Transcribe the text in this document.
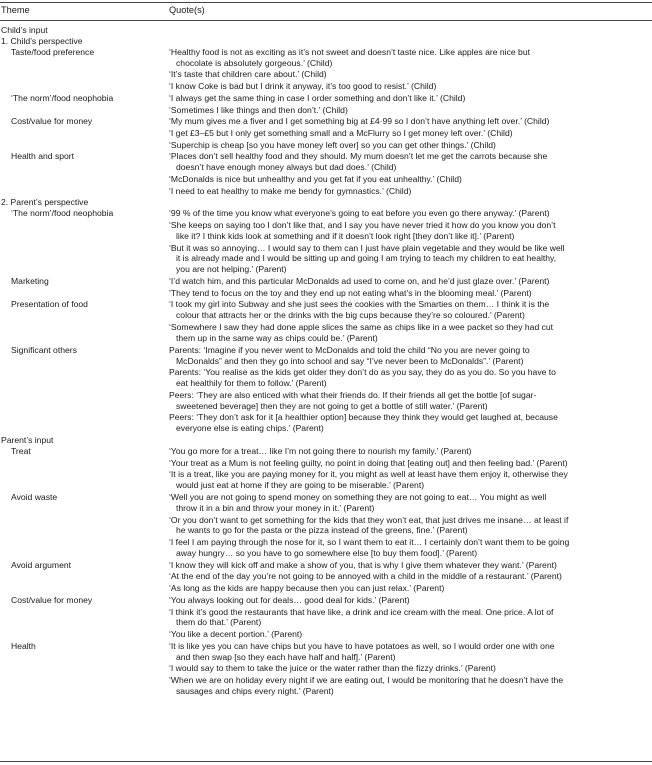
Theme	Quote(s)
Child’s input
1. Child’s perspective
Taste/food preference	‘Healthy food is not as exciting as it’s not sweet and doesn’t taste nice. Like apples are nice but
chocolate is absolutely gorgeous.’ (Child)
‘It’s taste that children care about.’ (Child)
‘I know Coke is bad but I drink it anyway, it’s too good to resist.’ (Child)
‘The norm’/food neophobia	‘I always get the same thing in case I order something and don’t like it.’ (Child)
‘Sometimes I like things and then don’t.’ (Child)
Cost/value for money	‘My mum gives me a fiver and I get something big at £4·99 so I don’t have anything left over.’ (Child)
‘I get £3–£5 but I only get something small and a McFlurry so I get money left over.’ (Child)
‘Superchip is cheap [so you have money left over] so you can get other things.’ (Child)
Health and sport	‘Places don’t sell healthy food and they should. My mum doesn’t let me get the carrots because she
doesn’t have enough money always but dad does.’ (Child)
‘McDonalds is nice but unhealthy and you get fat if you eat unhealthy.’ (Child)
‘I need to eat healthy to make me bendy for gymnastics.’ (Child)
2. Parent’s perspective
‘The norm’/food neophobia	‘99 % of the time you know what everyone’s going to eat before you even go there anyway.’ (Parent)
‘She keeps on saying too I don’t like that, and I say you have never tried it how do you know you don’t
like it? I think kids look at something and if it doesn’t look right [they don’t like it].’ (Parent)
‘But it was so annoying… I would say to them can I just have plain vegetable and they would be like well
it is already made and I would be sitting up and going I am trying to teach my children to eat healthy,
you are not helping.’ (Parent)
Marketing	‘I’d watch him, and this particular McDonalds ad used to come on, and he’d just glaze over.’ (Parent)
‘They tend to focus on the toy and they end up not eating what’s in the blooming meal.’ (Parent)
Presentation of food	‘I took my girl into Subway and she just sees the cookies with the Smarties on them… I think it is the
colour that attracts her or the drinks with the big cups because they’re so coloured.’ (Parent)
‘Somewhere I saw they had done apple slices the same as chips like in a wee packet so they had cut
them up in the same way as chips could be.’ (Parent)
Significant others	Parents: ‘Imagine if you never went to McDonalds and told the child “No you are never going to
McDonalds” and then they go into school and say “I’ve never been to McDonalds”.’ (Parent)
Parents: ‘You realise as the kids get older they don’t do as you say, they do as you do. So you have to
eat healthily for them to follow.’ (Parent)
Peers: ‘They are also enticed with what their friends do. If their friends all get the bottle [of sugar-
sweetened beverage] then they are not going to get a bottle of still water.’ (Parent)
Peers: ‘They don’t ask for it [a healthier option] because they think they would get laughed at, because
everyone else is eating chips.’ (Parent)
Parent’s input
Treat	‘You go more for a treat… like I’m not going there to nourish my family.’ (Parent)
‘Your treat as a Mum is not feeling guilty, no point in doing that [eating out] and then feeling bad.’ (Parent)
‘It is a treat, like you are paying money for it, you might as well at least have them enjoy it, otherwise they
would just eat at home if they are going to be miserable.’ (Parent)
Avoid waste	‘Well you are not going to spend money on something they are not going to eat… You might as well
throw it in a bin and throw your money in it.’ (Parent)
‘Or you don’t want to get something for the kids that they won’t eat, that just drives me insane… at least if
he wants to go for the pasta or the pizza instead of the greens, fine.’ (Parent)
‘I feel I am paying through the nose for it, so I want them to eat it… I certainly don’t want them to be going
away hungry… so you have to go somewhere else [to buy them food].’ (Parent)
Avoid argument	‘I know they will kick off and make a show of you, that is why I give them whatever they want.’ (Parent)
‘At the end of the day you’re not going to be annoyed with a child in the middle of a restaurant.’ (Parent)
‘As long as the kids are happy because then you can just relax.’ (Parent)
Cost/value for money	‘You always looking out for deals… good deal for kids.’ (Parent)
‘I think it’s good the restaurants that have like, a drink and ice cream with the meal. One price. A lot of
them do that.’ (Parent)
‘You like a decent portion.’ (Parent)
Health	‘It is like yes you can have chips but you have to have potatoes as well, so I would order one with one
and then swap [so they each have half and half].’ (Parent)
‘I would say to them to take the juice or the water rather than the fizzy drinks.’ (Parent)
‘When we are on holiday every night if we are eating out, I would be monitoring that he doesn’t have the
sausages and chips every night.’ (Parent)
